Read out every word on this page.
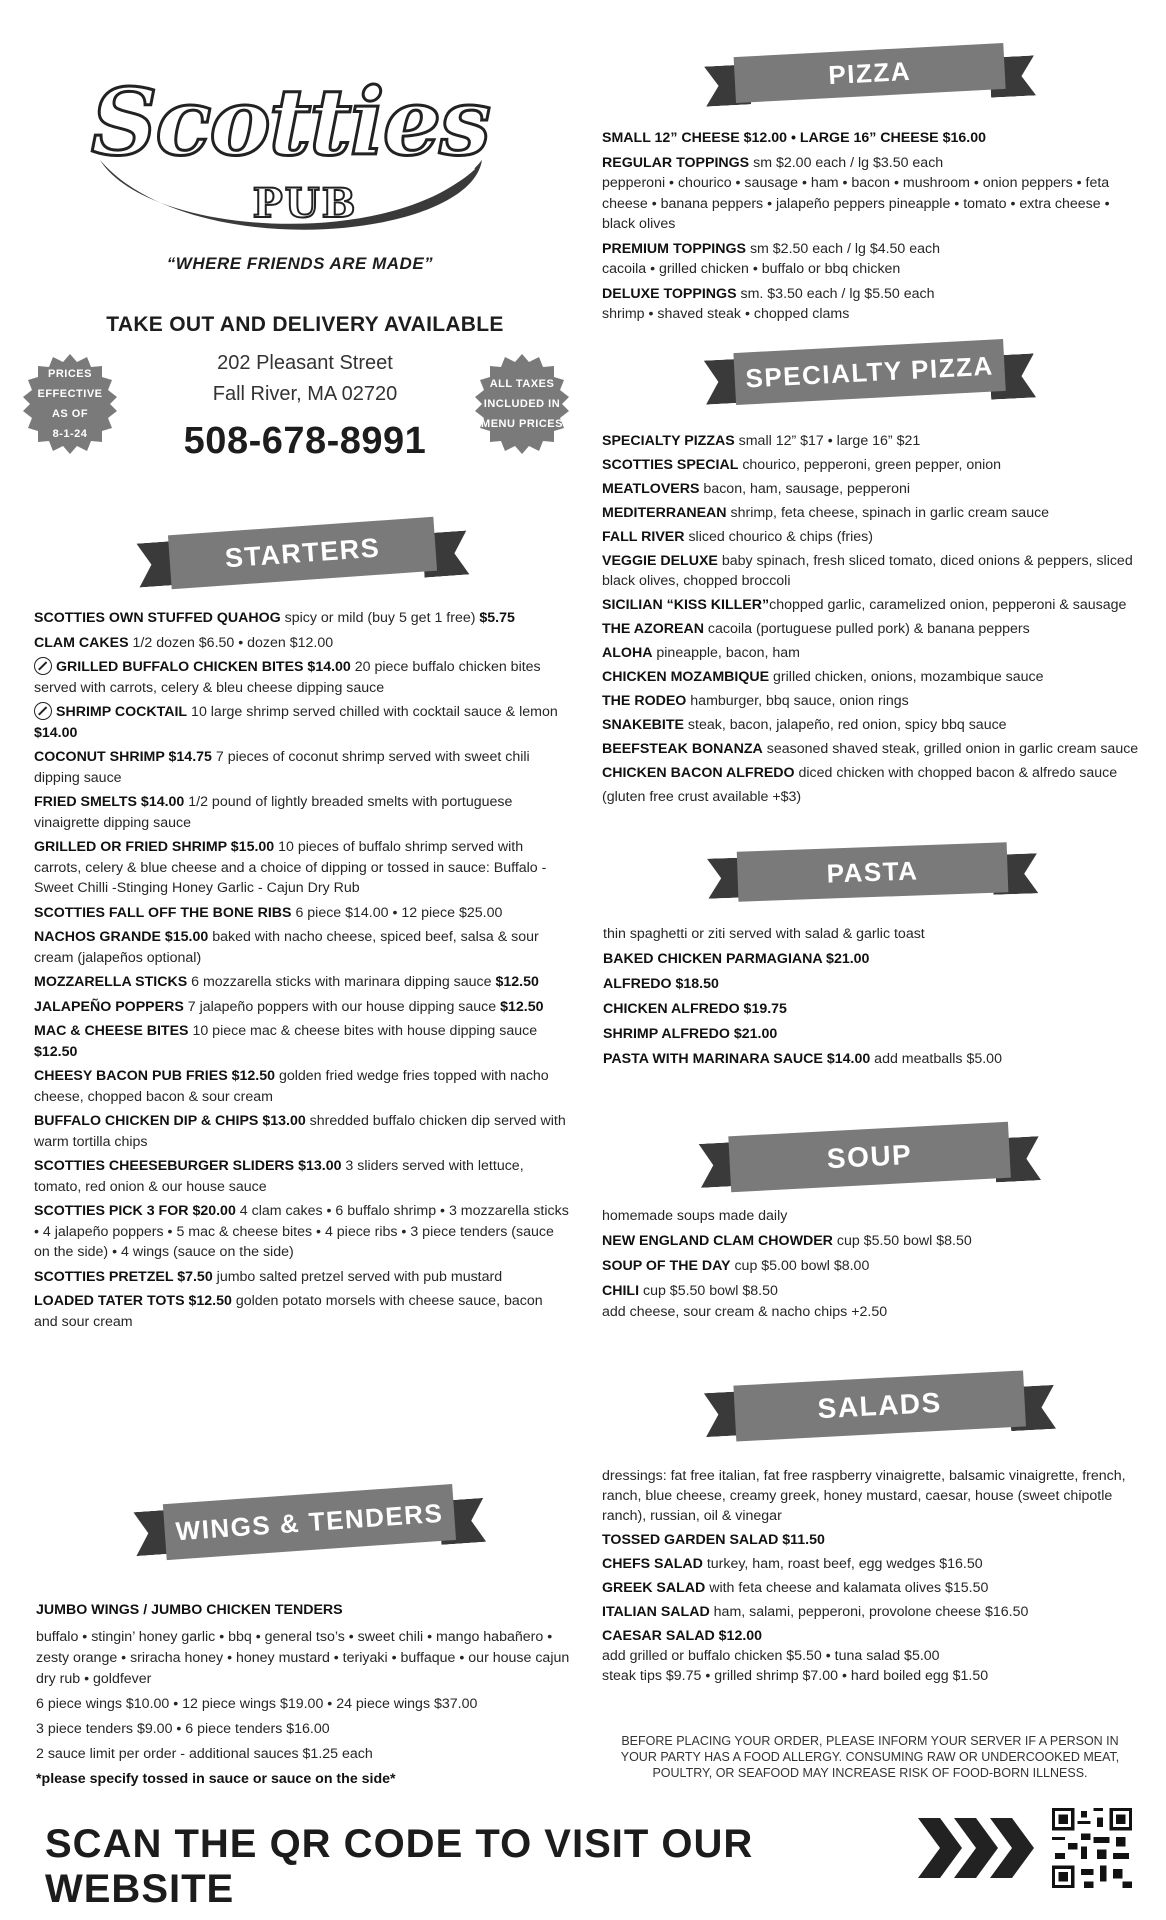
Scotties
PUB
“WHERE FRIENDS ARE MADE”
TAKE OUT AND DELIVERY AVAILABLE
202 Pleasant Street
Fall River, MA 02720
508-678-8991
PRICES
EFFECTIVE
AS OF
8-1-24
ALL TAXES
INCLUDED IN
MENU PRICES
PIZZA
SPECIALTY PIZZA
STARTERS
PASTA
SOUP
SALADS
WINGS & TENDERS
SMALL 12” CHEESE $12.00 • LARGE 16” CHEESE $16.00
REGULAR TOPPINGS sm $2.00 each / lg $3.50 each
pepperoni • chourico • sausage • ham • bacon • mushroom • onion peppers • feta cheese • banana peppers • jalapeño peppers pineapple • tomato • extra cheese • black olives
PREMIUM TOPPINGS sm $2.50 each / lg $4.50 each
cacoila • grilled chicken • buffalo or bbq chicken
DELUXE TOPPINGS sm. $3.50 each / lg $5.50 each
shrimp • shaved steak • chopped clams
SPECIALTY PIZZAS small 12” $17 • large 16” $21
SCOTTIES SPECIAL chourico, pepperoni, green pepper, onion
MEATLOVERS bacon, ham, sausage, pepperoni
MEDITERRANEAN shrimp, feta cheese, spinach in garlic cream sauce
FALL RIVER sliced chourico & chips (fries)
VEGGIE DELUXE baby spinach, fresh sliced tomato, diced onions & peppers, sliced black olives, chopped broccoli
SICILIAN “KISS KILLER”chopped garlic, caramelized onion, pepperoni & sausage
THE AZOREAN cacoila (portuguese pulled pork) & banana peppers
ALOHA pineapple, bacon, ham
CHICKEN MOZAMBIQUE grilled chicken, onions, mozambique sauce
THE RODEO hamburger, bbq sauce, onion rings
SNAKEBITE steak, bacon, jalapeño, red onion, spicy bbq sauce
BEEFSTEAK BONANZA seasoned shaved steak, grilled onion in garlic cream sauce
CHICKEN BACON ALFREDO diced chicken with chopped bacon & alfredo sauce
(gluten free crust available +$3)
SCOTTIES OWN STUFFED QUAHOG spicy or mild (buy 5 get 1 free) $5.75
CLAM CAKES 1/2 dozen $6.50 • dozen $12.00
GRILLED BUFFALO CHICKEN BITES $14.00 20 piece buffalo chicken bites served with carrots, celery & bleu cheese dipping sauce
SHRIMP COCKTAIL 10 large shrimp served chilled with cocktail sauce & lemon $14.00
COCONUT SHRIMP $14.75 7 pieces of coconut shrimp served with sweet chili dipping sauce
FRIED SMELTS $14.00 1/2 pound of lightly breaded smelts with portuguese vinaigrette dipping sauce
GRILLED OR FRIED SHRIMP $15.00 10 pieces of buffalo shrimp served with carrots, celery & blue cheese and a choice of dipping or tossed in sauce: Buffalo - Sweet Chilli -Stinging Honey Garlic - Cajun Dry Rub
SCOTTIES FALL OFF THE BONE RIBS 6 piece $14.00 • 12 piece $25.00
NACHOS GRANDE $15.00 baked with nacho cheese, spiced beef, salsa & sour cream (jalapeños optional)
MOZZARELLA STICKS 6 mozzarella sticks with marinara dipping sauce $12.50
JALAPEÑO POPPERS 7 jalapeño poppers with our house dipping sauce $12.50
MAC & CHEESE BITES 10 piece mac & cheese bites with house dipping sauce $12.50
CHEESY BACON PUB FRIES $12.50 golden fried wedge fries topped with nacho cheese, chopped bacon & sour cream
BUFFALO CHICKEN DIP & CHIPS $13.00 shredded buffalo chicken dip served with warm tortilla chips
SCOTTIES CHEESEBURGER SLIDERS $13.00 3 sliders served with lettuce, tomato, red onion & our house sauce
SCOTTIES PICK 3 FOR $20.00 4 clam cakes • 6 buffalo shrimp • 3 mozzarella sticks • 4 jalapeño poppers • 5 mac & cheese bites • 4 piece ribs • 3 piece tenders (sauce on the side) • 4 wings (sauce on the side)
SCOTTIES PRETZEL $7.50 jumbo salted pretzel served with pub mustard
LOADED TATER TOTS $12.50 golden potato morsels with cheese sauce, bacon and sour cream
thin spaghetti or ziti served with salad & garlic toast
BAKED CHICKEN PARMAGIANA $21.00
ALFREDO $18.50
CHICKEN ALFREDO $19.75
SHRIMP ALFREDO $21.00
PASTA WITH MARINARA SAUCE $14.00 add meatballs $5.00
homemade soups made daily
NEW ENGLAND CLAM CHOWDER cup $5.50 bowl $8.50
SOUP OF THE DAY cup $5.00 bowl $8.00
CHILI cup $5.50 bowl $8.50
add cheese, sour cream & nacho chips +2.50
dressings: fat free italian, fat free raspberry vinaigrette, balsamic vinaigrette, french, ranch, blue cheese, creamy greek, honey mustard, caesar, house (sweet chipotle ranch), russian, oil & vinegar
TOSSED GARDEN SALAD $11.50
CHEFS SALAD turkey, ham, roast beef, egg wedges $16.50
GREEK SALAD with feta cheese and kalamata olives $15.50
ITALIAN SALAD ham, salami, pepperoni, provolone cheese $16.50
CAESAR SALAD $12.00
add grilled or buffalo chicken $5.50 • tuna salad $5.00
steak tips $9.75 • grilled shrimp $7.00 • hard boiled egg $1.50
JUMBO WINGS / JUMBO CHICKEN TENDERS
buffalo • stingin’ honey garlic • bbq • general tso’s • sweet chili • mango habañero • zesty orange • sriracha honey • honey mustard • teriyaki • buffaque • our house cajun dry rub • goldfever
6 piece wings $10.00 • 12 piece wings $19.00 • 24 piece wings $37.00
3 piece tenders $9.00 • 6 piece tenders $16.00
2 sauce limit per order - additional sauces $1.25 each
*please specify tossed in sauce or sauce on the side*
BEFORE PLACING YOUR ORDER, PLEASE INFORM YOUR SERVER IF A PERSON IN YOUR PARTY HAS A FOOD ALLERGY. CONSUMING RAW OR UNDERCOOKED MEAT, POULTRY, OR SEAFOOD MAY INCREASE RISK OF FOOD-BORN ILLNESS.
SCAN THE QR CODE TO VISIT OUR WEBSITE
